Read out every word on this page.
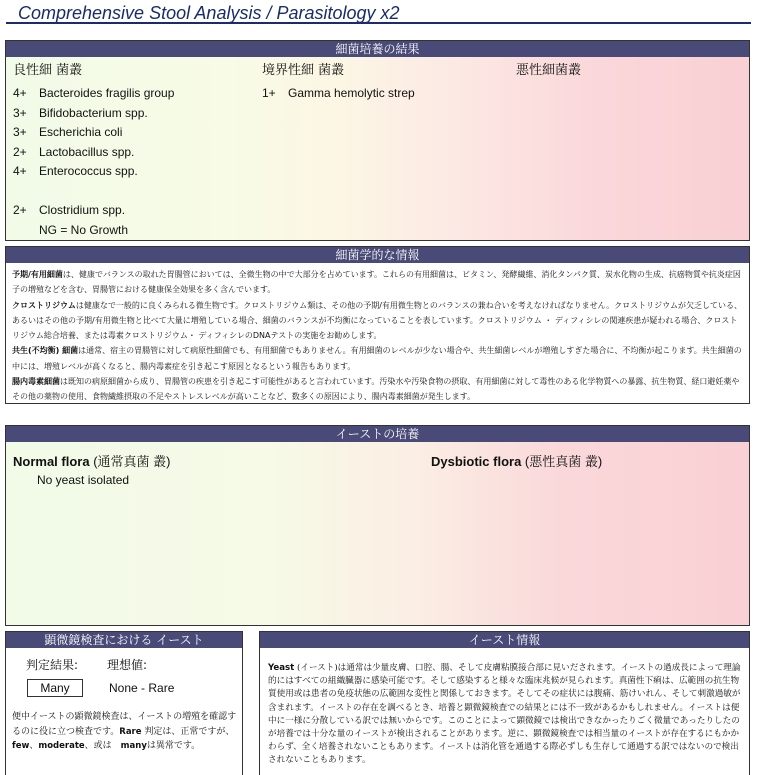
Comprehensive Stool Analysis / Parasitology x2
細菌培養の結果
良性細 菌叢
4+ Bacteroides fragilis group
3+ Bifidobacterium spp.
3+ Escherichia coli
2+ Lactobacillus spp.
4+ Enterococcus spp.
2+ Clostridium spp.
NG = No Growth
境界性細 菌叢
1+ Gamma hemolytic strep
悪性細菌叢
細菌学的な情報
予期/有用細菌は、健康でバランスの取れた胃腸管においては、全微生物の中で大部分を占めています。これらの有用細菌は、ビタミン、発酵繊維、消化タンパク質、炭水化物の生成、抗癌物質や抗炎症因子の増殖などを含む、胃腸管における健康保全効果を多く含んでいます。
クロストリジウムは健康なで一般的に良くみられる微生物です。クロストリジウム類は、その他の予期/有用微生物とのバランスの兼ね合いを考えなければなりません。クロストリジウムが欠乏している、あるいはその他の予期/有用微生物と比べて大量に増殖している場合、細菌のバランスが不均衡になっていることを表しています。クロストリジウム ・ ディフィシレの関連疾患が疑われる場合、クロストリジウム総合培養、または毒素クロストリジウム・ ディフィシレのDNAテストの実施をお勧めします。
共生(不均衡) 細菌は通常、宿主の胃腸管に対して病原性細菌でも、有用細菌でもありません。有用細菌のレベルが少ない場合や、共生細菌レベルが増殖しすぎた場合に、不均衡が起こります。共生細菌の中には、増殖レベルが高くなると、腸内毒素症を引き起こす原因となるという報告もあります。
腸内毒素細菌は既知の病原細菌から成り、胃腸管の疾患を引き起こす可能性があると言われています。汚染水や汚染食物の摂取、有用細菌に対して毒性のある化学物質への暴露、抗生物質、経口避妊薬やその他の薬物の使用、食物繊維摂取の不足やストレスレベルが高いことなど、数多くの原因により、腸内毒素細菌が発生します。
イーストの培養
Normal flora (通常真菌 叢)	Dysbiotic flora (悪性真菌 叢)
No yeast isolated
顕微鏡検査における イースト
判定結果: 理想値:
Many	None - Rare
便中イーストの顕微鏡検査は、イーストの増殖を確認するのに役に立つ検査です。Rare 判定は、正常ですが、few、moderate、或は　manyは異常です。
イースト情報
Yeast (イースト)は通常は少量皮膚、口腔、腸、そして皮膚粘膜接合部に見いだされます。イーストの過成長によって理論的にはすべての組織臓器に感染可能です。そして感染すると様々な臨床兆候が見られます。真菌性下痢は、広範囲の抗生物質使用或は患者の免疫状態の広範囲な変性と関係しておきます。そしてその症状には腹痛、筋けいれん、そして刺激過敏が含まれます。イーストの存在を調べるとき、培養と顕微鏡検査での結果とには不一致があるかもしれません。イーストは便中に一様に分散している訳では無いからです。このことによって顕微鏡では検出できなかったりごく微量であったりしたのが培養では十分な量のイーストが検出されることがあります。逆に、顕微鏡検査では相当量のイーストが存在するにもかかわらず、全く培養されないこともあります。イーストは消化管を通過する際必ずしも生存して通過する訳ではないので検出されないこともあります。
